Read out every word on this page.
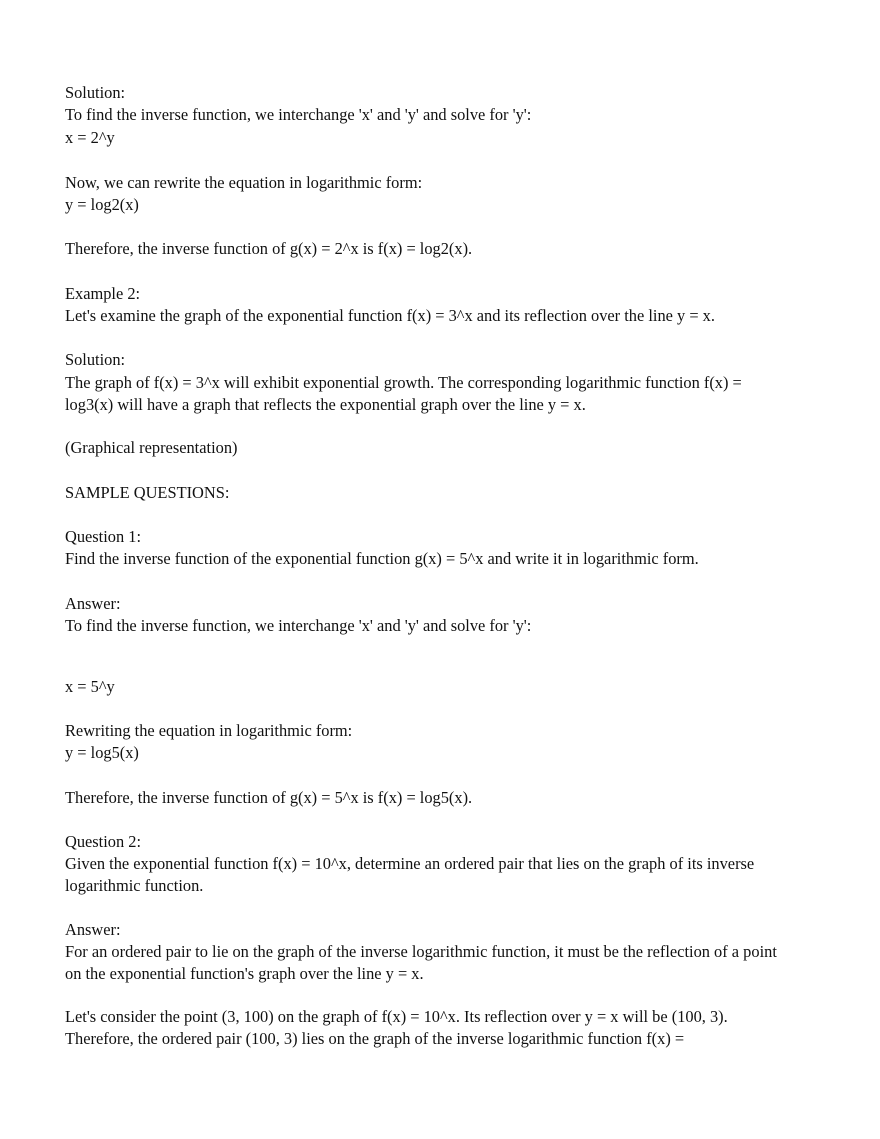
Solution:
To find the inverse function, we interchange 'x' and 'y' and solve for 'y':
x = 2^y
Now, we can rewrite the equation in logarithmic form:
y = log2(x)
Therefore, the inverse function of g(x) = 2^x is f(x) = log2(x).
Example 2:
Let's examine the graph of the exponential function f(x) = 3^x and its reflection over the line y = x.
Solution:
The graph of f(x) = 3^x will exhibit exponential growth. The corresponding logarithmic function f(x) =
log3(x) will have a graph that reflects the exponential graph over the line y = x.
(Graphical representation)
SAMPLE QUESTIONS:
Question 1:
Find the inverse function of the exponential function g(x) = 5^x and write it in logarithmic form.
Answer:
To find the inverse function, we interchange 'x' and 'y' and solve for 'y':
x = 5^y
Rewriting the equation in logarithmic form:
y = log5(x)
Therefore, the inverse function of g(x) = 5^x is f(x) = log5(x).
Question 2:
Given the exponential function f(x) = 10^x, determine an ordered pair that lies on the graph of its inverse
logarithmic function.
Answer:
For an ordered pair to lie on the graph of the inverse logarithmic function, it must be the reflection of a point
on the exponential function's graph over the line y = x.
Let's consider the point (3, 100) on the graph of f(x) = 10^x. Its reflection over y = x will be (100, 3).
Therefore, the ordered pair (100, 3) lies on the graph of the inverse logarithmic function f(x) =
